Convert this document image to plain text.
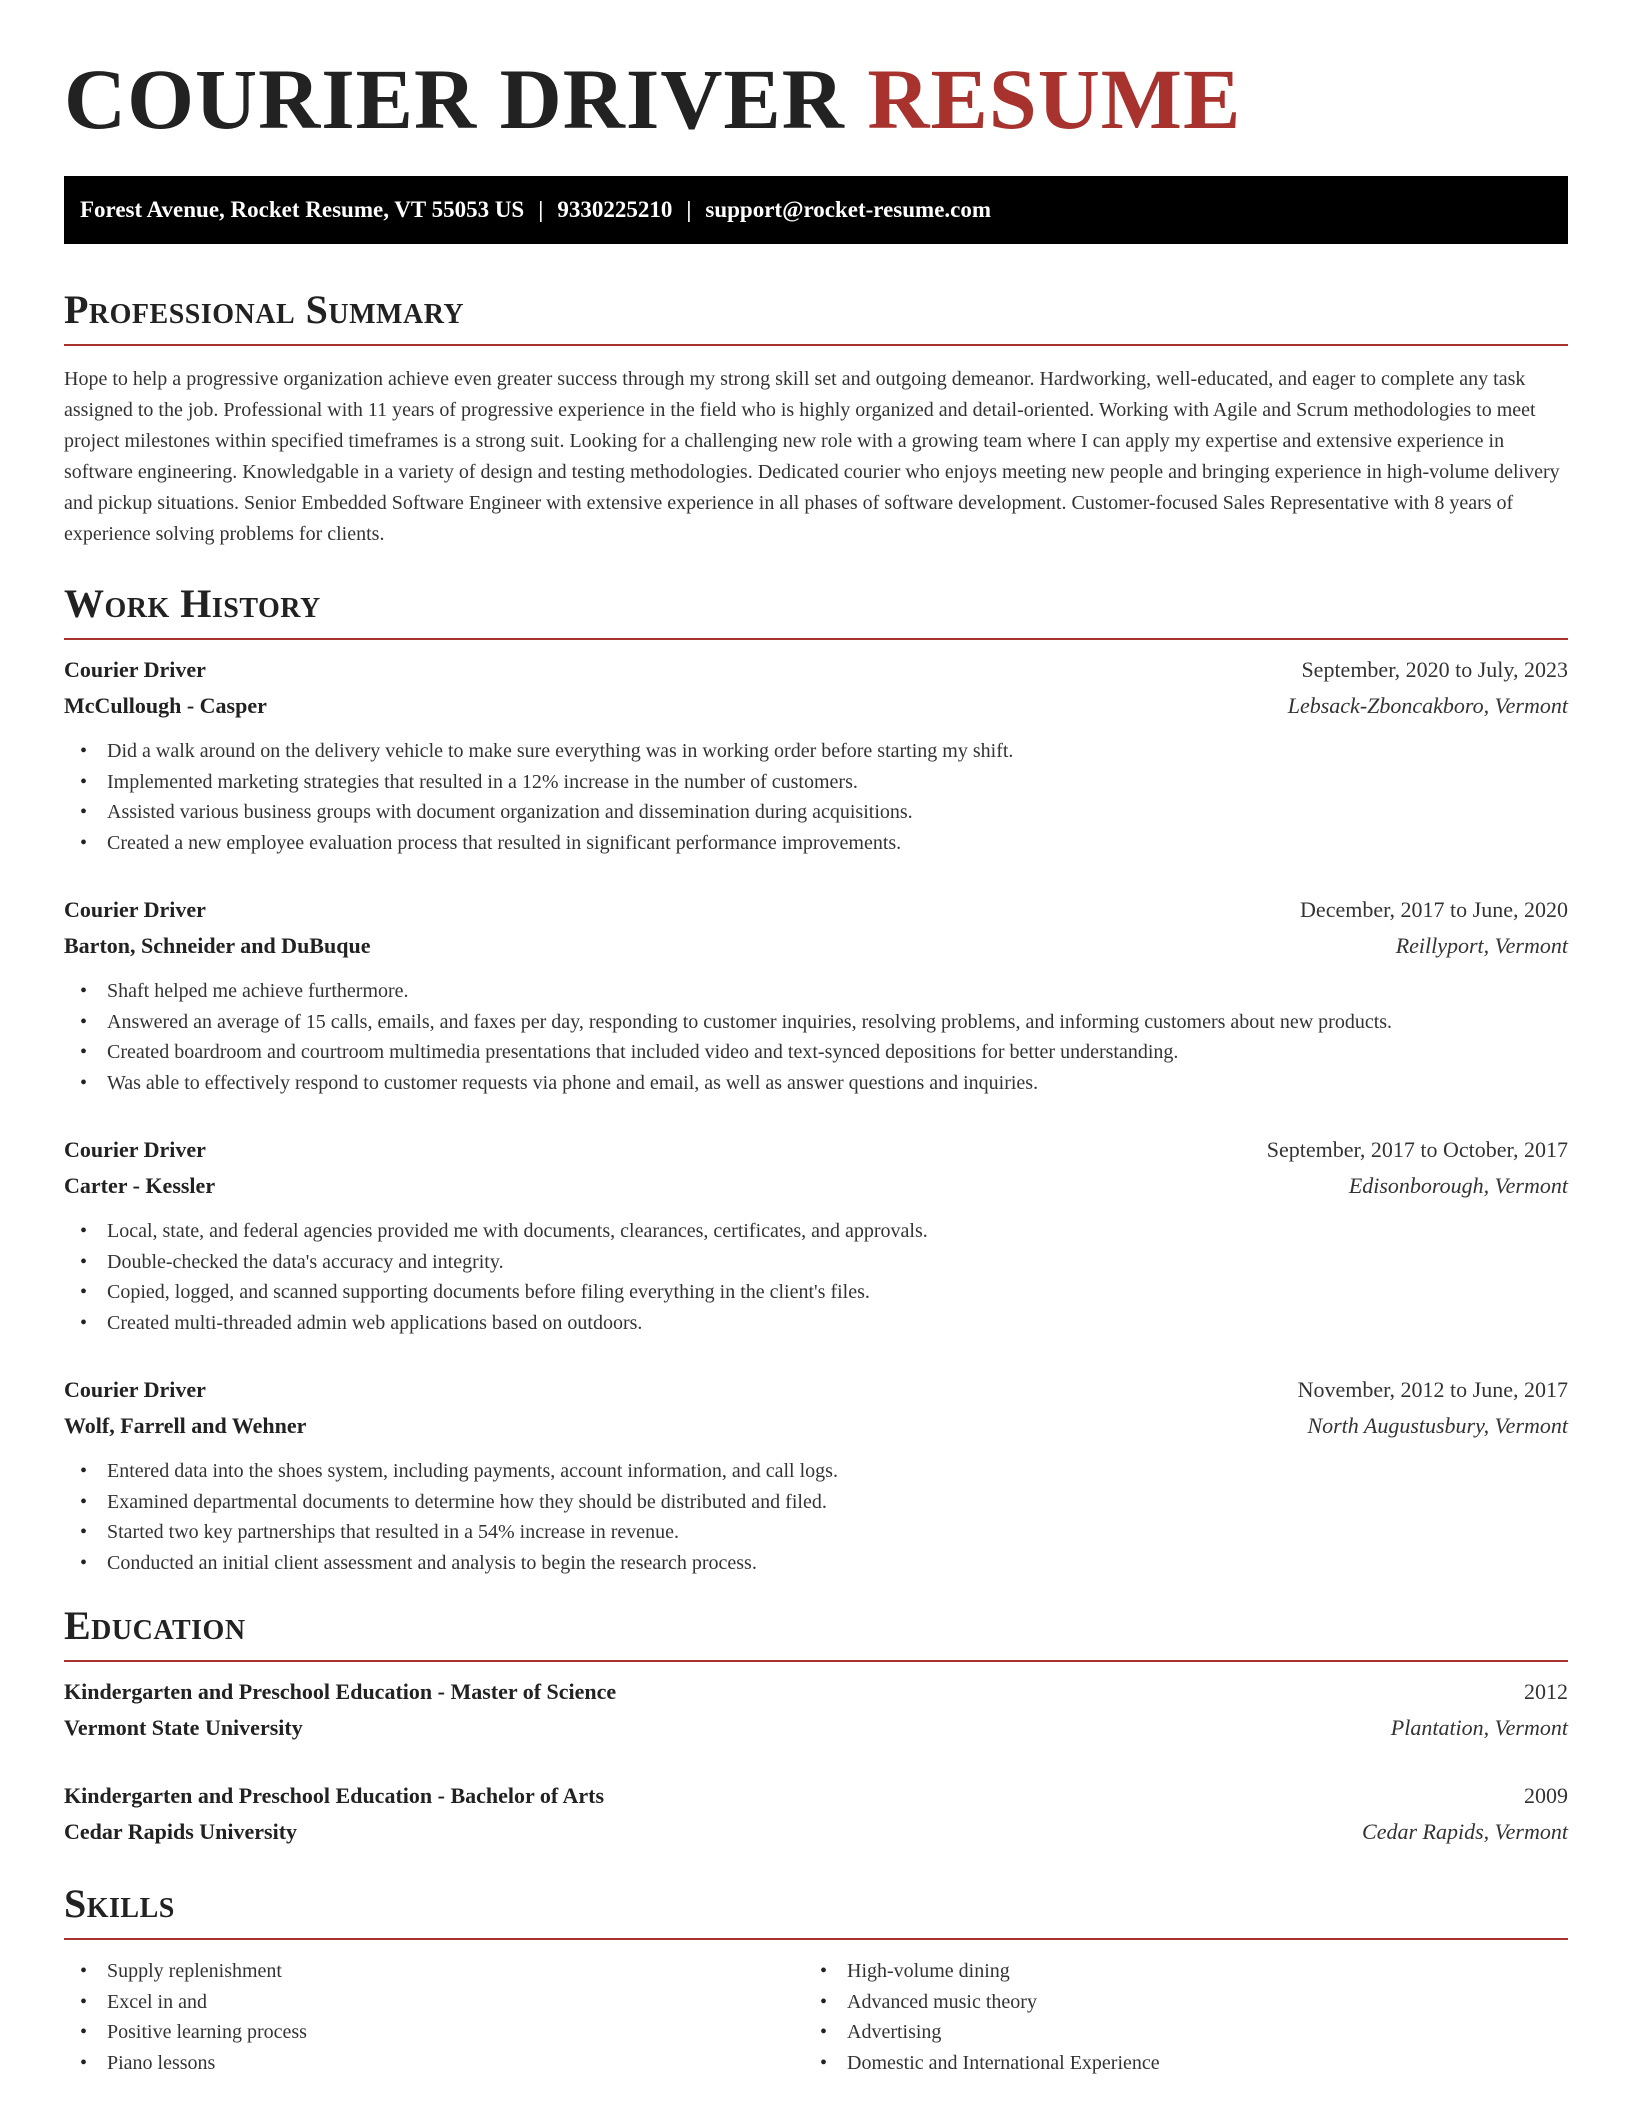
COURIER DRIVER RESUME
Forest Avenue, Rocket Resume, VT 55053 US | 9330225210 | support@rocket-resume.com
Professional Summary

Hope to help a progressive organization achieve even greater success through my strong skill set and outgoing demeanor. Hardworking, well-educated, and eager to complete any task assigned to the job. Professional with 11 years of progressive experience in the field who is highly organized and detail-oriented. Working with Agile and Scrum methodologies to meet project milestones within specified timeframes is a strong suit. Looking for a challenging new role with a growing team where I can apply my expertise and extensive experience in software engineering. Knowledgable in a variety of design and testing methodologies. Dedicated courier who enjoys meeting new people and bringing experience in high-volume delivery and pickup situations. Senior Embedded Software Engineer with extensive experience in all phases of software development. Customer-focused Sales Representative with 8 years of experience solving problems for clients.

Work History
Courier Driver	September, 2020 to July, 2023
McCullough - Casper	Lebsack-Zboncakboro, Vermont
• Did a walk around on the delivery vehicle to make sure everything was in working order before starting my shift.
• Implemented marketing strategies that resulted in a 12% increase in the number of customers.
• Assisted various business groups with document organization and dissemination during acquisitions.
• Created a new employee evaluation process that resulted in significant performance improvements.
Courier Driver	December, 2017 to June, 2020
Barton, Schneider and DuBuque	Reillyport, Vermont
• Shaft helped me achieve furthermore.
• Answered an average of 15 calls, emails, and faxes per day, responding to customer inquiries, resolving problems, and informing customers about new products.
• Created boardroom and courtroom multimedia presentations that included video and text-synced depositions for better understanding.
• Was able to effectively respond to customer requests via phone and email, as well as answer questions and inquiries.
Courier Driver	September, 2017 to October, 2017
Carter - Kessler	Edisonborough, Vermont
• Local, state, and federal agencies provided me with documents, clearances, certificates, and approvals.
• Double-checked the data's accuracy and integrity.
• Copied, logged, and scanned supporting documents before filing everything in the client's files.
• Created multi-threaded admin web applications based on outdoors.
Courier Driver	November, 2012 to June, 2017
Wolf, Farrell and Wehner	North Augustusbury, Vermont
• Entered data into the shoes system, including payments, account information, and call logs.
• Examined departmental documents to determine how they should be distributed and filed.
• Started two key partnerships that resulted in a 54% increase in revenue.
• Conducted an initial client assessment and analysis to begin the research process.
Education
Kindergarten and Preschool Education - Master of Science	2012
Vermont State University	Plantation, Vermont
Kindergarten and Preschool Education - Bachelor of Arts	2009
Cedar Rapids University	Cedar Rapids, Vermont
Skills
• Supply replenishment
• Excel in and
• Positive learning process
• Piano lessons
• High-volume dining
• Advanced music theory
• Advertising
• Domestic and International Experience
